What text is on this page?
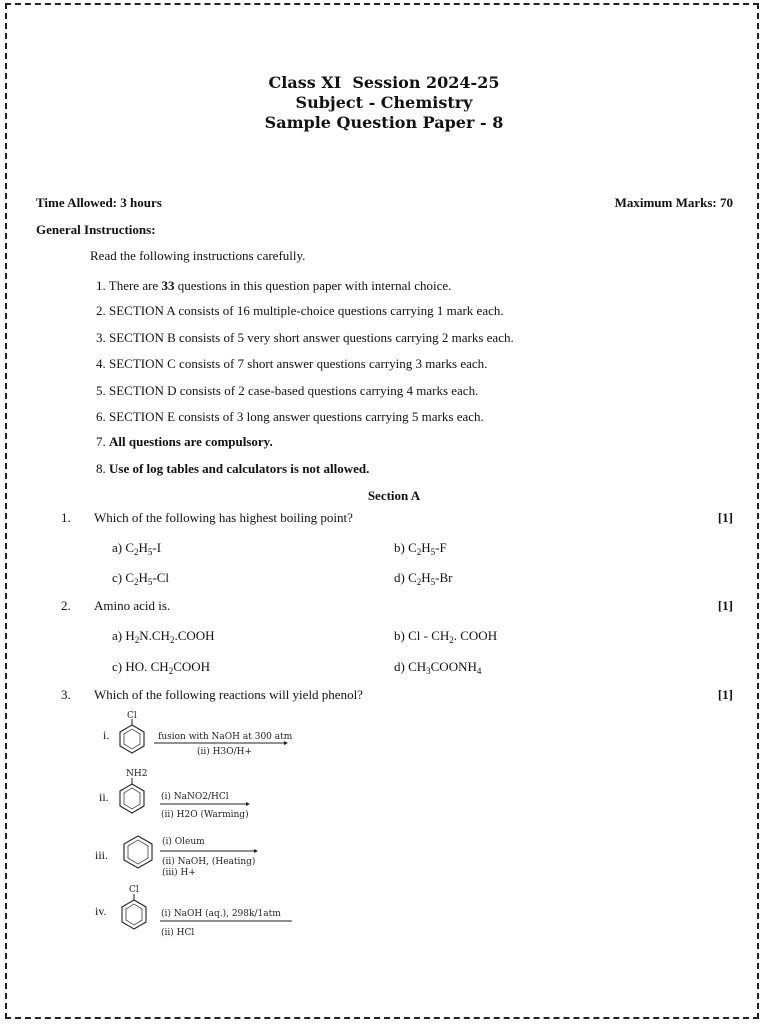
Class XI  Session 2024-25
Subject - Chemistry
Sample Question Paper - 8
Time Allowed: 3 hours	Maximum Marks: 70
General Instructions:
Read the following instructions carefully.
1. There are 33 questions in this question paper with internal choice.
2. SECTION A consists of 16 multiple-choice questions carrying 1 mark each.
3. SECTION B consists of 5 very short answer questions carrying 2 marks each.
4. SECTION C consists of 7 short answer questions carrying 3 marks each.
5. SECTION D consists of 2 case-based questions carrying 4 marks each.
6. SECTION E consists of 3 long answer questions carrying 5 marks each.
7. All questions are compulsory.
8. Use of log tables and calculators is not allowed.
Section A
1. Which of the following has highest boiling point?	[1]
a) $C_2H_5-I$	b) $C_2H_5-F$
c) $C_2H_5-Cl$	d) $C_2H_5-Br$
2. Amino acid is.	[1]
a) $H_2N.CH_2.COOH$	b) Cl - $CH_2$. COOH
c) HO. $CH_2COOH$	d) $CH_3COONH_4$
3. Which of the following reactions will yield phenol?	[1]
i.
Cl
fusion with NaOH at 300 atm
(ii) H3O/H+
ii.
NH2
(i) NaNO2/HCl
(ii) H2O (Warming)
iii.
(i) Oleum
(ii) NaOH, (Heating)
(iii) H+
iv.
Cl
(i) NaOH (aq.), 298k/1atm
(ii) HCl
